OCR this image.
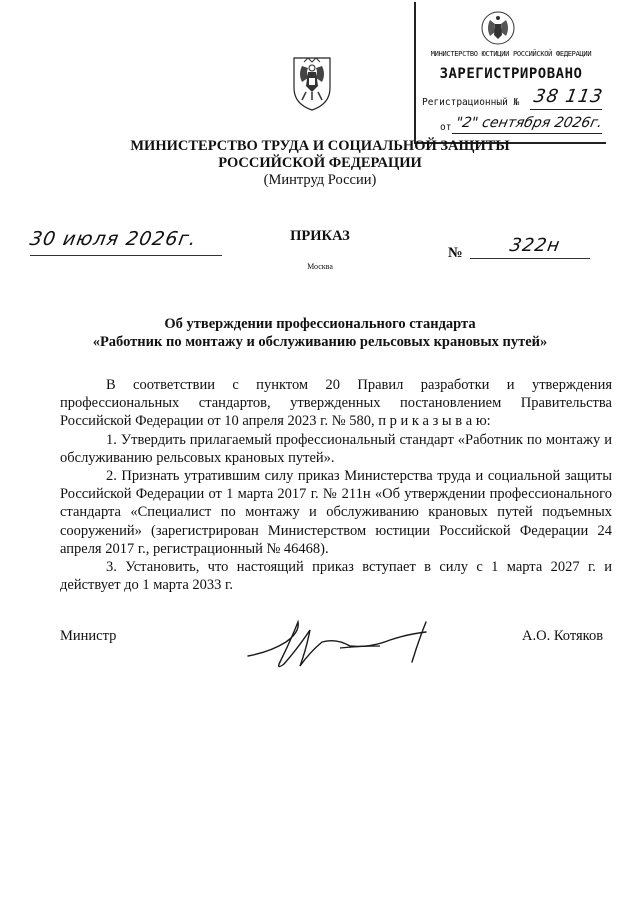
МИНИСТЕРСТВО ЮСТИЦИИ РОССИЙСКОЙ ФЕДЕРАЦИИ
ЗАРЕГИСТРИРОВАНО
Регистрационный № 38 113
от "2" сентября 2026г.
МИНИСТЕРСТВО ТРУДА И СОЦИАЛЬНОЙ ЗАЩИТЫ
РОССИЙСКОЙ ФЕДЕРАЦИИ
(Минтруд России)
30 июля 2026г.	ПРИКАЗ
Москва
№	322н
Об утверждении профессионального стандарта
«Работник по монтажу и обслуживанию рельсовых крановых путей»

В соответствии с пунктом 20 Правил разработки и утверждения профессиональных стандартов, утвержденных постановлением Правительства Российской Федерации от 10 апреля 2023 г. № 580, п р и к а з ы в а ю:

1. Утвердить прилагаемый профессиональный стандарт «Работник по монтажу и обслуживанию рельсовых крановых путей».

2. Признать утратившим силу приказ Министерства труда и социальной защиты Российской Федерации от 1 марта 2017 г. № 211н «Об утверждении профессионального стандарта «Специалист по монтажу и обслуживанию крановых путей подъемных сооружений» (зарегистрирован Министерством юстиции Российской Федерации 24 апреля 2017 г., регистрационный № 46468).

3. Установить, что настоящий приказ вступает в силу с 1 марта 2027 г. и действует до 1 марта 2033 г.

Министр	А.О. Котяков
